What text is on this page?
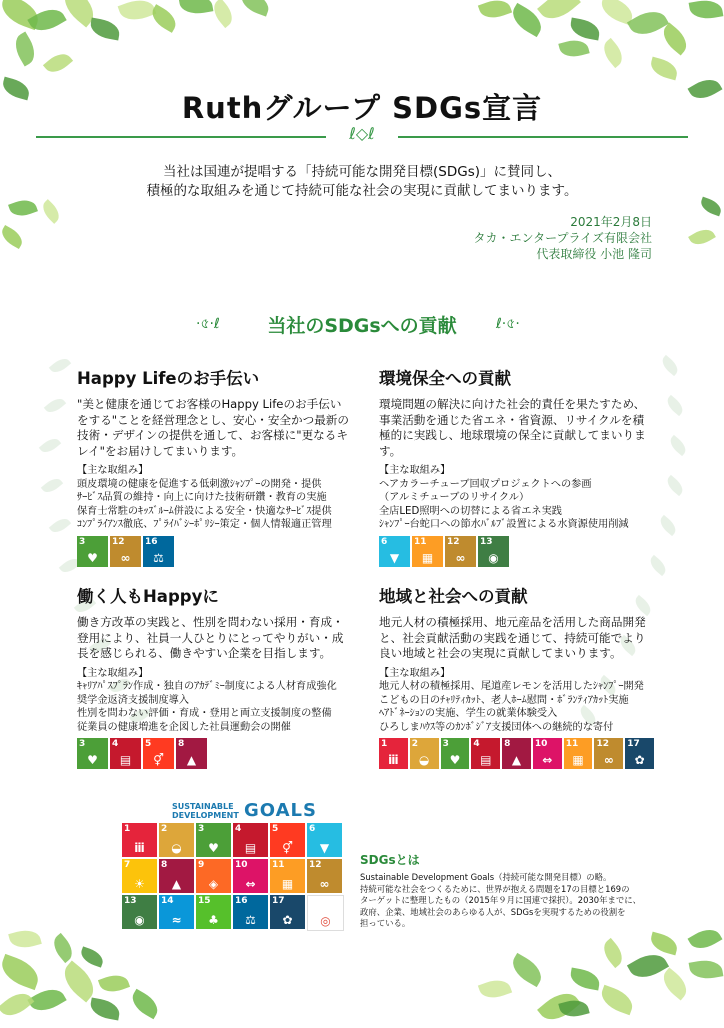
Ruthグループ SDGs宣言
ℓ◇ℓ
当社は国連が提唱する「持続可能な開発目標(SDGs)」に賛同し、
積極的な取組みを通じて持続可能な社会の実現に貢献してまいります。
2021年2月8日
タカ・エンタープライズ有限会社
代表取締役 小池 隆司
·৫·ℓ	当社のSDGsへの貢献	ℓ·৫·
Happy Lifeのお手伝い

"美と健康を通じてお客様のHappy Lifeのお手伝いをする"ことを経営理念とし、安心・安全かつ最新の技術・デザインの提供を通して、お客様に"更なるキレイ"をお届けしてまいります。

【主な取組み】
頭皮環境の健康を促進する低刺激ｼｬﾝﾌﾟｰの開発・提供
ｻｰﾋﾞｽ品質の維持・向上に向けた技術研鑽・教育の実施
保育士常駐のｷｯｽﾞﾙｰﾑ併設による安全・快適なｻｰﾋﾞｽ提供
ｺﾝﾌﾟﾗｲｱﾝｽ徹底、ﾌﾟﾗｲﾊﾞｼｰﾎﾟﾘｼｰ策定・個人情報適正管理
3
♥
12
∞
16
⚖
環境保全への貢献

環境問題の解決に向けた社会的責任を果たすため、事業活動を通じた省エネ・省資源、リサイクルを積極的に実践し、地球環境の保全に貢献してまいります。

【主な取組み】
ヘアカラーチューブ回収プロジェクトへの参画
（アルミチューブのリサイクル）
全店LED照明への切替による省エネ実践
ｼｬﾝﾌﾟｰ台蛇口への節水ﾊﾞﾙﾌﾞ設置による水資源使用削減
6
▼
11
▦
12
∞
13
◉
働く人もHappyに

働き方改革の実践と、性別を問わない採用・育成・登用により、社員一人ひとりにとってやりがい・成長を感じられる、働きやすい企業を目指します。

【主な取組み】
ｷｬﾘｱﾊﾟｽﾌﾟﾗﾝ作成・独自のｱｶﾃﾞﾐｰ制度による人材育成強化
奨学金返済支援制度導入
性別を問わない評価・育成・登用と両立支援制度の整備
従業員の健康増進を企図した社員運動会の開催
3
♥
4
▤
5
⚥
8
▲
地域と社会への貢献

地元人材の積極採用、地元産品を活用した商品開発と、社会貢献活動の実践を通じて、持続可能でより良い地域と社会の実現に貢献してまいります。

【主な取組み】
地元人材の積極採用、尾道産レモンを活用したｼｬﾝﾌﾟｰ開発
こどもの日のﾁｬﾘﾃｨｶｯﾄ、老人ﾎｰﾑ慰問・ﾎﾞﾗﾝﾃｨｱｶｯﾄ実施
ﾍｱﾄﾞﾈｰｼｮﾝの実施、学生の就業体験受入
ひろしまﾊｳｽ等のｶﾝﾎﾞｼﾞｱ支援団体への継続的な寄付
1
ⅲ
2
◒
3
♥
4
▤
8
▲
10
⇔
11
▦
12
∞
17
✿
SUSTAINABLE
DEVELOPMENT GOALS
1
ⅲ
2
◒
3
♥
4
▤
5
⚥
6
▼
7
☀
8
▲
9
◈
10
⇔
11
▦
12
∞
13
◉
14
≈
15
♣
16
⚖
17
✿	◎
SDGsとは

Sustainable Development Goals（持続可能な開発目標）の略。
持続可能な社会をつくるために、世界が抱える問題を17の目標と169の
ターゲットに整理したもの（2015年９月に国連で採択）。2030年までに、
政府、企業、地域社会のあらゆる人が、SDGsを実現するための役割を
担っている。
